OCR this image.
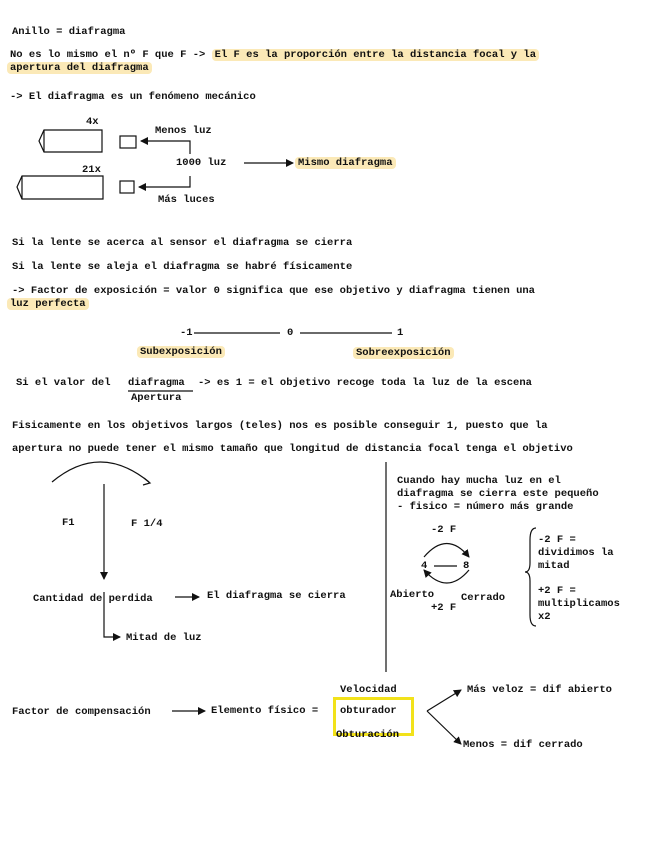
Anillo = diafragma
No es lo mismo el nº F que F -> El F es la proporción entre la distancia focal y la
apertura del diafragma
-> El diafragma es un fenómeno mecánico
4x
21x
Menos luz
1000 luz
Más luces
Mismo diafragma
Si la lente se acerca al sensor el diafragma se cierra
Si la lente se aleja el diafragma se habré físicamente
-> Factor de exposición = valor 0 significa que ese objetivo y diafragma tienen una
luz perfecta
-1	0	1
Subexposición	Sobreexposición
Si el valor del diafragma
Apertura
-> es 1 = el objetivo recoge toda la luz de la escena
Fisicamente en los objetivos largos (teles) nos es posible conseguir 1, puesto que la
apertura no puede tener el mismo tamaño que longitud de distancia focal tenga el objetivo
F1	F 1/4
Cantidad de perdida	El diafragma se cierra
Mitad de luz
Cuando hay mucha luz en el
diafragma se cierra este pequeño
- fisico = número más grande
-2 F
4	8
Abierto
+2 F
Cerrado
-2 F =
dividimos la
mitad
+2 F =
multiplicamos
x2
Factor de compensación	Elemento físico =
Velocidad
obturador
Obturación
Más veloz = dif abierto
Menos = dif cerrado
